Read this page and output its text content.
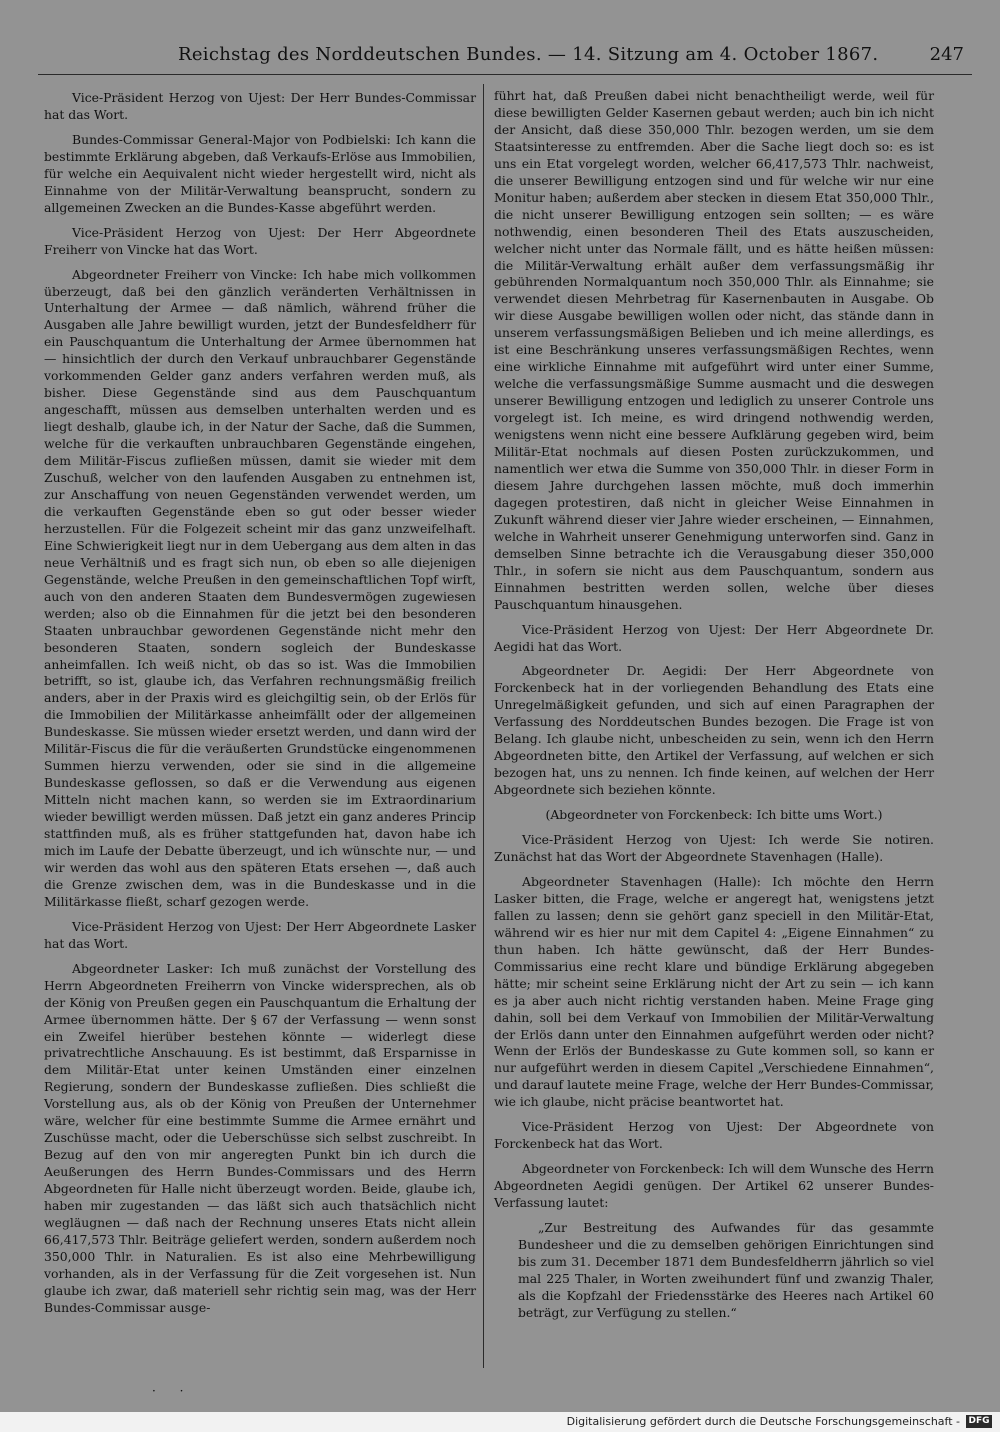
Reichstag des Norddeutschen Bundes. — 14. Sitzung am 4. October 1867.	247

Vice-Präsident Herzog von Ujest: Der Herr Bundes-Commissar hat das Wort.

Bundes-Commissar General-Major von Podbielski: Ich kann die bestimmte Erklärung abgeben, daß Verkaufs-Erlöse aus Immobilien, für welche ein Aequivalent nicht wieder hergestellt wird, nicht als Einnahme von der Militär-Verwaltung beansprucht, sondern zu allgemeinen Zwecken an die Bundes-Kasse abgeführt werden.

Vice-Präsident Herzog von Ujest: Der Herr Abgeordnete Freiherr von Vincke hat das Wort.

Abgeordneter Freiherr von Vincke: Ich habe mich vollkommen überzeugt, daß bei den gänzlich veränderten Verhältnissen in Unterhaltung der Armee — daß nämlich, während früher die Ausgaben alle Jahre bewilligt wurden, jetzt der Bundesfeldherr für ein Pauschquantum die Unterhaltung der Armee übernommen hat — hinsichtlich der durch den Verkauf unbrauchbarer Gegenstände vorkommenden Gelder ganz anders verfahren werden muß, als bisher. Diese Gegenstände sind aus dem Pauschquantum angeschafft, müssen aus demselben unterhalten werden und es liegt deshalb, glaube ich, in der Natur der Sache, daß die Summen, welche für die verkauften unbrauchbaren Gegenstände eingehen, dem Militär-Fiscus zufließen müssen, damit sie wieder mit dem Zuschuß, welcher von den laufenden Ausgaben zu entnehmen ist, zur Anschaffung von neuen Gegenständen verwendet werden, um die verkauften Gegenstände eben so gut oder besser wieder herzustellen. Für die Folgezeit scheint mir das ganz unzweifelhaft. Eine Schwierigkeit liegt nur in dem Uebergang aus dem alten in das neue Verhältniß und es fragt sich nun, ob eben so alle diejenigen Gegenstände, welche Preußen in den gemeinschaftlichen Topf wirft, auch von den anderen Staaten dem Bundesvermögen zugewiesen werden; also ob die Einnahmen für die jetzt bei den besonderen Staaten unbrauchbar gewordenen Gegenstände nicht mehr den besonderen Staaten, sondern sogleich der Bundeskasse anheimfallen. Ich weiß nicht, ob das so ist. Was die Immobilien betrifft, so ist, glaube ich, das Verfahren rechnungsmäßig freilich anders, aber in der Praxis wird es gleichgiltig sein, ob der Erlös für die Immobilien der Militärkasse anheimfällt oder der allgemeinen Bundeskasse. Sie müssen wieder ersetzt werden, und dann wird der Militär-Fiscus die für die veräußerten Grundstücke eingenommenen Summen hierzu verwenden, oder sie sind in die allgemeine Bundeskasse geflossen, so daß er die Verwendung aus eigenen Mitteln nicht machen kann, so werden sie im Extraordinarium wieder bewilligt werden müssen. Daß jetzt ein ganz anderes Princip stattfinden muß, als es früher stattgefunden hat, davon habe ich mich im Laufe der Debatte überzeugt, und ich wünschte nur, — und wir werden das wohl aus den späteren Etats ersehen —, daß auch die Grenze zwischen dem, was in die Bundeskasse und in die Militärkasse fließt, scharf gezogen werde.

Vice-Präsident Herzog von Ujest: Der Herr Abgeordnete Lasker hat das Wort.

Abgeordneter Lasker: Ich muß zunächst der Vorstellung des Herrn Abgeordneten Freiherrn von Vincke widersprechen, als ob der König von Preußen gegen ein Pauschquantum die Erhaltung der Armee übernommen hätte. Der § 67 der Verfassung — wenn sonst ein Zweifel hierüber bestehen könnte — widerlegt diese privatrechtliche Anschauung. Es ist bestimmt, daß Ersparnisse in dem Militär-Etat unter keinen Umständen einer einzelnen Regierung, sondern der Bundeskasse zufließen. Dies schließt die Vorstellung aus, als ob der König von Preußen der Unternehmer wäre, welcher für eine bestimmte Summe die Armee ernährt und Zuschüsse macht, oder die Ueberschüsse sich selbst zuschreibt. In Bezug auf den von mir angeregten Punkt bin ich durch die Aeußerungen des Herrn Bundes-Commissars und des Herrn Abgeordneten für Halle nicht überzeugt worden. Beide, glaube ich, haben mir zugestanden — das läßt sich auch thatsächlich nicht wegläugnen — daß nach der Rechnung unseres Etats nicht allein 66,417,573 Thlr. Beiträge geliefert werden, sondern außerdem noch 350,000 Thlr. in Naturalien. Es ist also eine Mehrbewilligung vorhanden, als in der Verfassung für die Zeit vorgesehen ist. Nun glaube ich zwar, daß materiell sehr richtig sein mag, was der Herr Bundes-Commissar ausge-

führt hat, daß Preußen dabei nicht benachtheiligt werde, weil für diese bewilligten Gelder Kasernen gebaut werden; auch bin ich nicht der Ansicht, daß diese 350,000 Thlr. bezogen werden, um sie dem Staatsinteresse zu entfremden. Aber die Sache liegt doch so: es ist uns ein Etat vorgelegt worden, welcher 66,417,573 Thlr. nachweist, die unserer Bewilligung entzogen sind und für welche wir nur eine Monitur haben; außerdem aber stecken in diesem Etat 350,000 Thlr., die nicht unserer Bewilligung entzogen sein sollten; — es wäre nothwendig, einen besonderen Theil des Etats auszuscheiden, welcher nicht unter das Normale fällt, und es hätte heißen müssen: die Militär-Verwaltung erhält außer dem verfassungsmäßig ihr gebührenden Normalquantum noch 350,000 Thlr. als Einnahme; sie verwendet diesen Mehrbetrag für Kasernenbauten in Ausgabe. Ob wir diese Ausgabe bewilligen wollen oder nicht, das stände dann in unserem verfassungsmäßigen Belieben und ich meine allerdings, es ist eine Beschränkung unseres verfassungsmäßigen Rechtes, wenn eine wirkliche Einnahme mit aufgeführt wird unter einer Summe, welche die verfassungsmäßige Summe ausmacht und die deswegen unserer Bewilligung entzogen und lediglich zu unserer Controle uns vorgelegt ist. Ich meine, es wird dringend nothwendig werden, wenigstens wenn nicht eine bessere Aufklärung gegeben wird, beim Militär-Etat nochmals auf diesen Posten zurückzukommen, und namentlich wer etwa die Summe von 350,000 Thlr. in dieser Form in diesem Jahre durchgehen lassen möchte, muß doch immerhin dagegen protestiren, daß nicht in gleicher Weise Einnahmen in Zukunft während dieser vier Jahre wieder erscheinen, — Einnahmen, welche in Wahrheit unserer Genehmigung unterworfen sind. Ganz in demselben Sinne betrachte ich die Verausgabung dieser 350,000 Thlr., in sofern sie nicht aus dem Pauschquantum, sondern aus Einnahmen bestritten werden sollen, welche über dieses Pauschquantum hinausgehen.

Vice-Präsident Herzog von Ujest: Der Herr Abgeordnete Dr. Aegidi hat das Wort.

Abgeordneter Dr. Aegidi: Der Herr Abgeordnete von Forckenbeck hat in der vorliegenden Behandlung des Etats eine Unregelmäßigkeit gefunden, und sich auf einen Paragraphen der Verfassung des Norddeutschen Bundes bezogen. Die Frage ist von Belang. Ich glaube nicht, unbescheiden zu sein, wenn ich den Herrn Abgeordneten bitte, den Artikel der Verfassung, auf welchen er sich bezogen hat, uns zu nennen. Ich finde keinen, auf welchen der Herr Abgeordnete sich beziehen könnte.

(Abgeordneter von Forckenbeck: Ich bitte ums Wort.)

Vice-Präsident Herzog von Ujest: Ich werde Sie notiren. Zunächst hat das Wort der Abgeordnete Stavenhagen (Halle).

Abgeordneter Stavenhagen (Halle): Ich möchte den Herrn Lasker bitten, die Frage, welche er angeregt hat, wenigstens jetzt fallen zu lassen; denn sie gehört ganz speciell in den Militär-Etat, während wir es hier nur mit dem Capitel 4: „Eigene Einnahmen“ zu thun haben. Ich hätte gewünscht, daß der Herr Bundes-Commissarius eine recht klare und bündige Erklärung abgegeben hätte; mir scheint seine Erklärung nicht der Art zu sein — ich kann es ja aber auch nicht richtig verstanden haben. Meine Frage ging dahin, soll bei dem Verkauf von Immobilien der Militär-Verwaltung der Erlös dann unter den Einnahmen aufgeführt werden oder nicht? Wenn der Erlös der Bundeskasse zu Gute kommen soll, so kann er nur aufgeführt werden in diesem Capitel „Verschiedene Einnahmen“, und darauf lautete meine Frage, welche der Herr Bundes-Commissar, wie ich glaube, nicht präcise beantwortet hat.

Vice-Präsident Herzog von Ujest: Der Abgeordnete von Forckenbeck hat das Wort.

Abgeordneter von Forckenbeck: Ich will dem Wunsche des Herrn Abgeordneten Aegidi genügen. Der Artikel 62 unserer Bundes-Verfassung lautet:

„Zur Bestreitung des Aufwandes für das gesammte Bundesheer und die zu demselben gehörigen Einrichtungen sind bis zum 31. December 1871 dem Bundesfeldherrn jährlich so viel mal 225 Thaler, in Worten zweihundert fünf und zwanzig Thaler, als die Kopfzahl der Friedensstärke des Heeres nach Artikel 60 beträgt, zur Verfügung zu stellen.“

· ·
Digitalisierung gefördert durch die Deutsche Forschungsgemeinschaft - DFG
